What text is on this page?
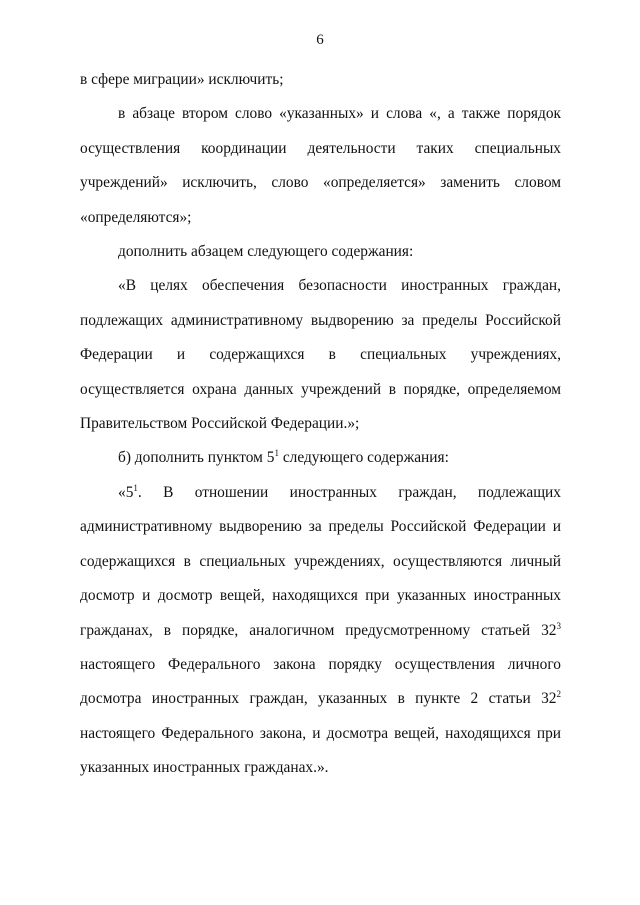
6

в сфере миграции» исключить;

в абзаце втором слово «указанных» и слова «, а также порядок осуществления координации деятельности таких специальных учреждений» исключить, слово «определяется» заменить словом «определяются»;

дополнить абзацем следующего содержания:

«В целях обеспечения безопасности иностранных граждан, подлежащих административному выдворению за пределы Российской Федерации и содержащихся в специальных учреждениях, осуществляется охрана данных учреждений в порядке, определяемом Правительством Российской Федерации.»;

б) дополнить пунктом $5^1$ следующего содержания:

«$5^1$. В отношении иностранных граждан, подлежащих административному выдворению за пределы Российской Федерации и содержащихся в специальных учреждениях, осуществляются личный досмотр и досмотр вещей, находящихся при указанных иностранных гражданах, в порядке, аналогичном предусмотренному статьей $32^3$ настоящего Федерального закона порядку осуществления личного досмотра иностранных граждан, указанных в пункте 2 статьи $32^2$ настоящего Федерального закона, и досмотра вещей, находящихся при указанных иностранных гражданах.».
